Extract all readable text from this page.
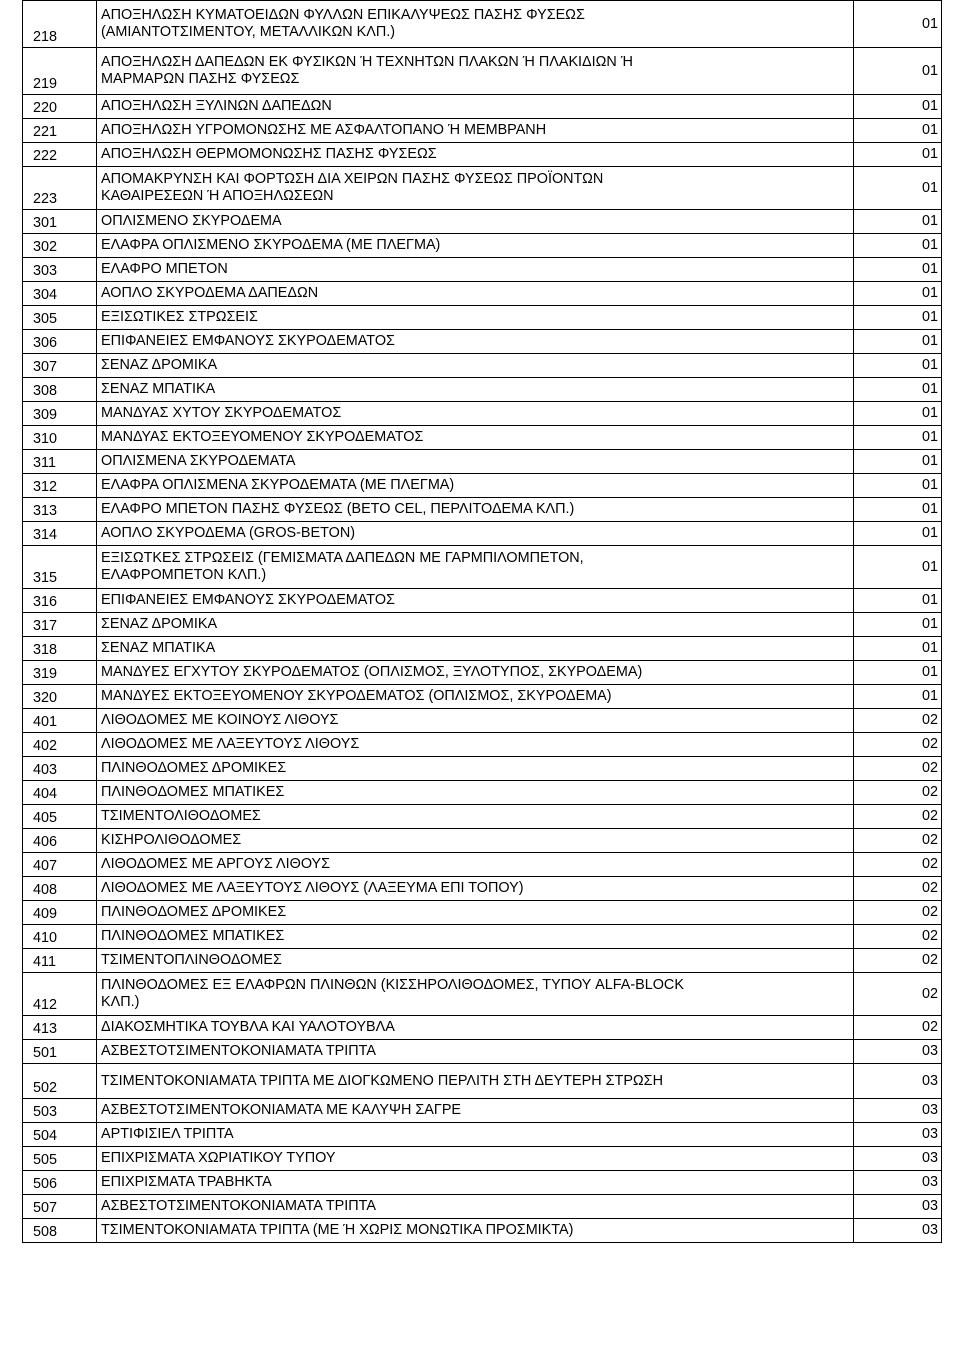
218	ΑΠΟΞΗΛΩΣΗ ΚΥΜΑΤΟΕΙΔΩΝ ΦΥΛΛΩΝ ΕΠΙΚΑΛΥΨΕΩΣ ΠΑΣΗΣ ΦΥΣΕΩΣ
(ΑΜΙΑΝΤΟΤΣΙΜΕΝΤΟΥ, ΜΕΤΑΛΛΙΚΩΝ ΚΛΠ.)	01
219	ΑΠΟΞΗΛΩΣΗ ΔΑΠΕΔΩΝ ΕΚ ΦΥΣΙΚΩΝ Ή ΤΕΧΝΗΤΩΝ ΠΛΑΚΩΝ Ή ΠΛΑΚΙΔΙΩΝ Ή
ΜΑΡΜΑΡΩΝ ΠΑΣΗΣ ΦΥΣΕΩΣ	01
220	ΑΠΟΞΗΛΩΣΗ ΞΥΛΙΝΩΝ ΔΑΠΕΔΩΝ	01
221	ΑΠΟΞΗΛΩΣΗ ΥΓΡΟΜΟΝΩΣΗΣ ΜΕ ΑΣΦΑΛΤΟΠΑΝΟ Ή ΜΕΜΒΡΑΝΗ	01
222	ΑΠΟΞΗΛΩΣΗ ΘΕΡΜΟΜΟΝΩΣΗΣ ΠΑΣΗΣ ΦΥΣΕΩΣ	01
223	ΑΠΟΜΑΚΡΥΝΣΗ ΚΑΙ ΦΟΡΤΩΣΗ ΔΙΑ ΧΕΙΡΩΝ ΠΑΣΗΣ ΦΥΣΕΩΣ ΠΡΟΪΟΝΤΩΝ
ΚΑΘΑΙΡΕΣΕΩΝ Ή ΑΠΟΞΗΛΩΣΕΩΝ	01
301	ΟΠΛΙΣΜΕΝΟ ΣΚΥΡΟΔΕΜΑ	01
302	ΕΛΑΦΡΑ ΟΠΛΙΣΜΕΝΟ ΣΚΥΡΟΔΕΜΑ (ΜΕ ΠΛΕΓΜΑ)	01
303	ΕΛΑΦΡΟ ΜΠΕΤΟΝ	01
304	ΑΟΠΛΟ ΣΚΥΡΟΔΕΜΑ ΔΑΠΕΔΩΝ	01
305	ΕΞΙΣΩΤΙΚΕΣ ΣΤΡΩΣΕΙΣ	01
306	ΕΠΙΦΑΝΕΙΕΣ ΕΜΦΑΝΟΥΣ ΣΚΥΡΟΔΕΜΑΤΟΣ	01
307	ΣΕΝΑΖ ΔΡΟΜΙΚΑ	01
308	ΣΕΝΑΖ ΜΠΑΤΙΚΑ	01
309	ΜΑΝΔΥΑΣ ΧΥΤΟΥ ΣΚΥΡΟΔΕΜΑΤΟΣ	01
310	ΜΑΝΔΥΑΣ ΕΚΤΟΞΕΥΟΜΕΝΟΥ ΣΚΥΡΟΔΕΜΑΤΟΣ	01
311	ΟΠΛΙΣΜΕΝΑ ΣΚΥΡΟΔΕΜΑΤΑ	01
312	ΕΛΑΦΡΑ ΟΠΛΙΣΜΕΝΑ ΣΚΥΡΟΔΕΜΑΤΑ (ΜΕ ΠΛΕΓΜΑ)	01
313	ΕΛΑΦΡΟ ΜΠΕΤΟΝ ΠΑΣΗΣ ΦΥΣΕΩΣ (ΒΕΤΟ CEL, ΠΕΡΛΙΤΟΔΕΜΑ ΚΛΠ.)	01
314	ΑΟΠΛΟ ΣΚΥΡΟΔΕΜΑ (GROS-BETON)	01
315	ΕΞΙΣΩΤΚΕΣ ΣΤΡΩΣΕΙΣ (ΓΕΜΙΣΜΑΤΑ ΔΑΠΕΔΩΝ ΜΕ ΓΑΡΜΠΙΛΟΜΠΕΤΟΝ,
ΕΛΑΦΡΟΜΠΕΤΟΝ ΚΛΠ.)	01
316	ΕΠΙΦΑΝΕΙΕΣ ΕΜΦΑΝΟΥΣ ΣΚΥΡΟΔΕΜΑΤΟΣ	01
317	ΣΕΝΑΖ ΔΡΟΜΙΚΑ	01
318	ΣΕΝΑΖ ΜΠΑΤΙΚΑ	01
319	ΜΑΝΔΥΕΣ ΕΓΧΥΤΟΥ ΣΚΥΡΟΔΕΜΑΤΟΣ (ΟΠΛΙΣΜΟΣ, ΞΥΛΟΤΥΠΟΣ, ΣΚΥΡΟΔΕΜΑ)	01
320	ΜΑΝΔΥΕΣ ΕΚΤΟΞΕΥΟΜΕΝΟΥ ΣΚΥΡΟΔΕΜΑΤΟΣ (ΟΠΛΙΣΜΟΣ, ΣΚΥΡΟΔΕΜΑ)	01
401	ΛΙΘΟΔΟΜΕΣ ΜΕ ΚΟΙΝΟΥΣ ΛΙΘΟΥΣ	02
402	ΛΙΘΟΔΟΜΕΣ ΜΕ ΛΑΞΕΥΤΟΥΣ ΛΙΘΟΥΣ	02
403	ΠΛΙΝΘΟΔΟΜΕΣ ΔΡΟΜΙΚΕΣ	02
404	ΠΛΙΝΘΟΔΟΜΕΣ ΜΠΑΤΙΚΕΣ	02
405	ΤΣΙΜΕΝΤΟΛΙΘΟΔΟΜΕΣ	02
406	ΚΙΣΗΡΟΛΙΘΟΔΟΜΕΣ	02
407	ΛΙΘΟΔΟΜΕΣ ΜΕ ΑΡΓΟΥΣ ΛΙΘΟΥΣ	02
408	ΛΙΘΟΔΟΜΕΣ ΜΕ ΛΑΞΕΥΤΟΥΣ ΛΙΘΟΥΣ (ΛΑΞΕΥΜΑ ΕΠΙ ΤΟΠΟΥ)	02
409	ΠΛΙΝΘΟΔΟΜΕΣ ΔΡΟΜΙΚΕΣ	02
410	ΠΛΙΝΘΟΔΟΜΕΣ ΜΠΑΤΙΚΕΣ	02
411	ΤΣΙΜΕΝΤΟΠΛΙΝΘΟΔΟΜΕΣ	02
412	ΠΛΙΝΘΟΔΟΜΕΣ ΕΞ ΕΛΑΦΡΩΝ ΠΛΙΝΘΩΝ (ΚΙΣΣΗΡΟΛΙΘΟΔΟΜΕΣ, ΤΥΠΟΥ ALFA-BLOCK
ΚΛΠ.)	02
413	ΔΙΑΚΟΣΜΗΤΙΚΑ ΤΟΥΒΛΑ ΚΑΙ ΥΑΛΟΤΟΥΒΛΑ	02
501	ΑΣΒΕΣΤΟΤΣΙΜΕΝΤΟΚΟΝΙΑΜΑΤΑ ΤΡΙΠΤΑ	03
502	ΤΣΙΜΕΝΤΟΚΟΝΙΑΜΑΤΑ ΤΡΙΠΤΑ ΜΕ ΔΙΟΓΚΩΜΕΝΟ ΠΕΡΛΙΤΗ ΣΤΗ ΔΕΥΤΕΡΗ ΣΤΡΩΣΗ	03
503	ΑΣΒΕΣΤΟΤΣΙΜΕΝΤΟΚΟΝΙΑΜΑΤΑ ΜΕ ΚΑΛΥΨΗ ΣΑΓΡΕ	03
504	ΑΡΤΙΦΙΣΙΕΛ ΤΡΙΠΤΑ	03
505	ΕΠΙΧΡΙΣΜΑΤΑ ΧΩΡΙΑΤΙΚΟΥ ΤΥΠΟΥ	03
506	ΕΠΙΧΡΙΣΜΑΤΑ ΤΡΑΒΗΚΤΑ	03
507	ΑΣΒΕΣΤΟΤΣΙΜΕΝΤΟΚΟΝΙΑΜΑΤΑ ΤΡΙΠΤΑ	03
508	ΤΣΙΜΕΝΤΟΚΟΝΙΑΜΑΤΑ ΤΡΙΠΤΑ (ΜΕ Ή ΧΩΡΙΣ ΜΟΝΩΤΙΚΑ ΠΡΟΣΜΙΚΤΑ)	03
